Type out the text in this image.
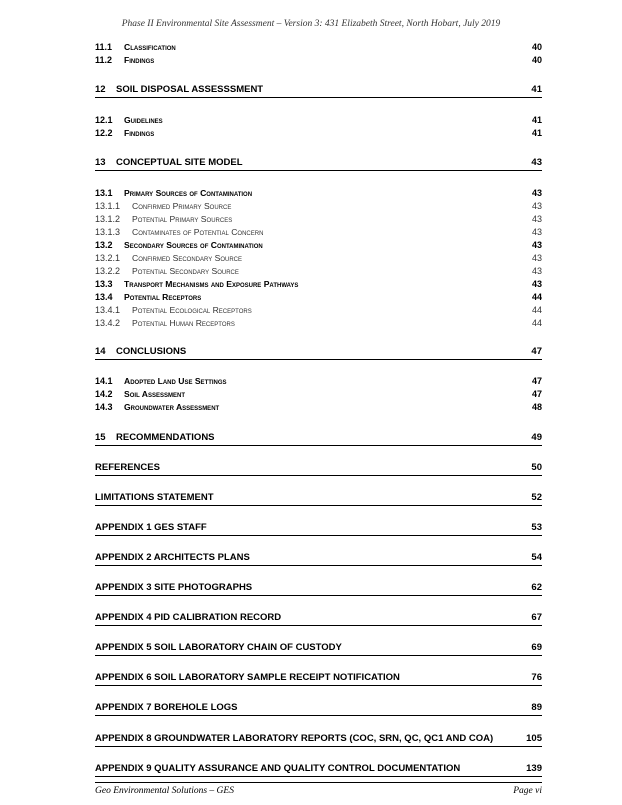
Phase II Environmental Site Assessment – Version 3: 431 Elizabeth Street, North Hobart, July 2019
11.1 Classification	40
11.2 Findings	40
12 SOIL DISPOSAL ASSESSSMENT	41
12.1 Guidelines	41
12.2 Findings	41
13 CONCEPTUAL SITE MODEL	43
13.1 Primary Sources of Contamination	43
13.1.1 Confirmed Primary Source	43
13.1.2 Potential Primary Sources	43
13.1.3 Contaminates of Potential Concern	43
13.2 Secondary Sources of Contamination	43
13.2.1 Confirmed Secondary Source	43
13.2.2 Potential Secondary Source	43
13.3 Transport Mechanisms and Exposure Pathways	43
13.4 Potential Receptors	44
13.4.1 Potential Ecological Receptors	44
13.4.2 Potential Human Receptors	44
14 CONCLUSIONS	47
14.1 Adopted Land Use Settings	47
14.2 Soil Assessment	47
14.3 Groundwater Assessment	48
15 RECOMMENDATIONS	49
REFERENCES	50
LIMITATIONS STATEMENT	52
APPENDIX 1 GES STAFF	53
APPENDIX 2 ARCHITECTS PLANS	54
APPENDIX 3 SITE PHOTOGRAPHS	62
APPENDIX 4 PID CALIBRATION RECORD	67
APPENDIX 5 SOIL LABORATORY CHAIN OF CUSTODY	69
APPENDIX 6 SOIL LABORATORY SAMPLE RECEIPT NOTIFICATION	76
APPENDIX 7 BOREHOLE LOGS	89
APPENDIX 8 GROUNDWATER LABORATORY REPORTS (COC, SRN, QC, QC1 AND COA)	105
APPENDIX 9 QUALITY ASSURANCE AND QUALITY CONTROL DOCUMENTATION	139
Geo Environmental Solutions – GES	Page vi
